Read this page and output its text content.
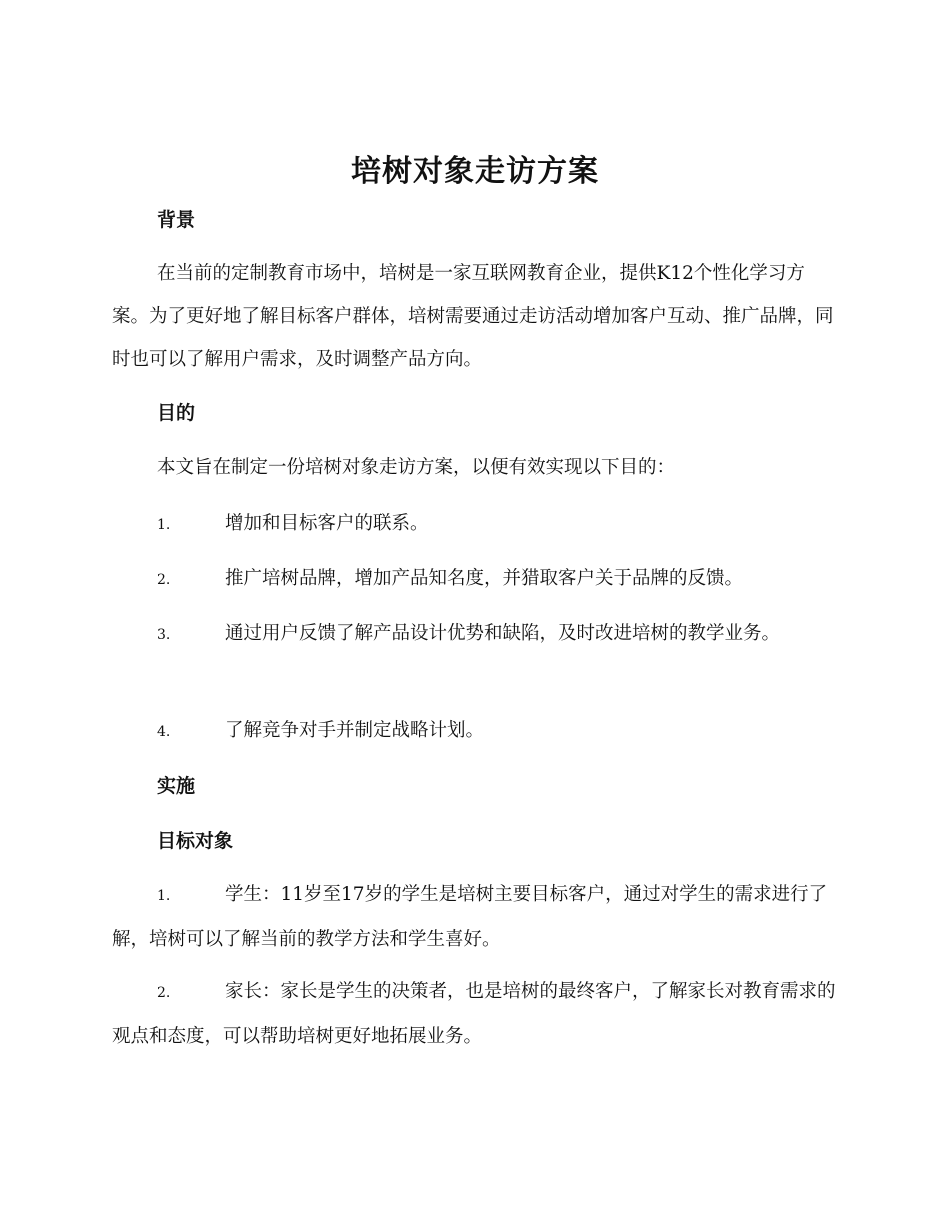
培树对象走访方案
背景

在当前的定制教育市场中，培树是一家互联网教育企业，提供K12个性化学习方案。为了更好地了解目标客户群体，培树需要通过走访活动增加客户互动、推广品牌，同时也可以了解用户需求，及时调整产品方向。

目的

本文旨在制定一份培树对象走访方案，以便有效实现以下目的：

1.	增加和目标客户的联系。

2.	推广培树品牌，增加产品知名度，并猎取客户关于品牌的反馈。

3.	通过用户反馈了解产品设计优势和缺陷，及时改进培树的教学业务。

4.	了解竞争对手并制定战略计划。

实施
目标对象

1.	学生：11岁至17岁的学生是培树主要目标客户，通过对学生的需求进行了解，培树可以了解当前的教学方法和学生喜好。

2.	家长：家长是学生的决策者，也是培树的最终客户，了解家长对教育需求的观点和态度，可以帮助培树更好地拓展业务。
